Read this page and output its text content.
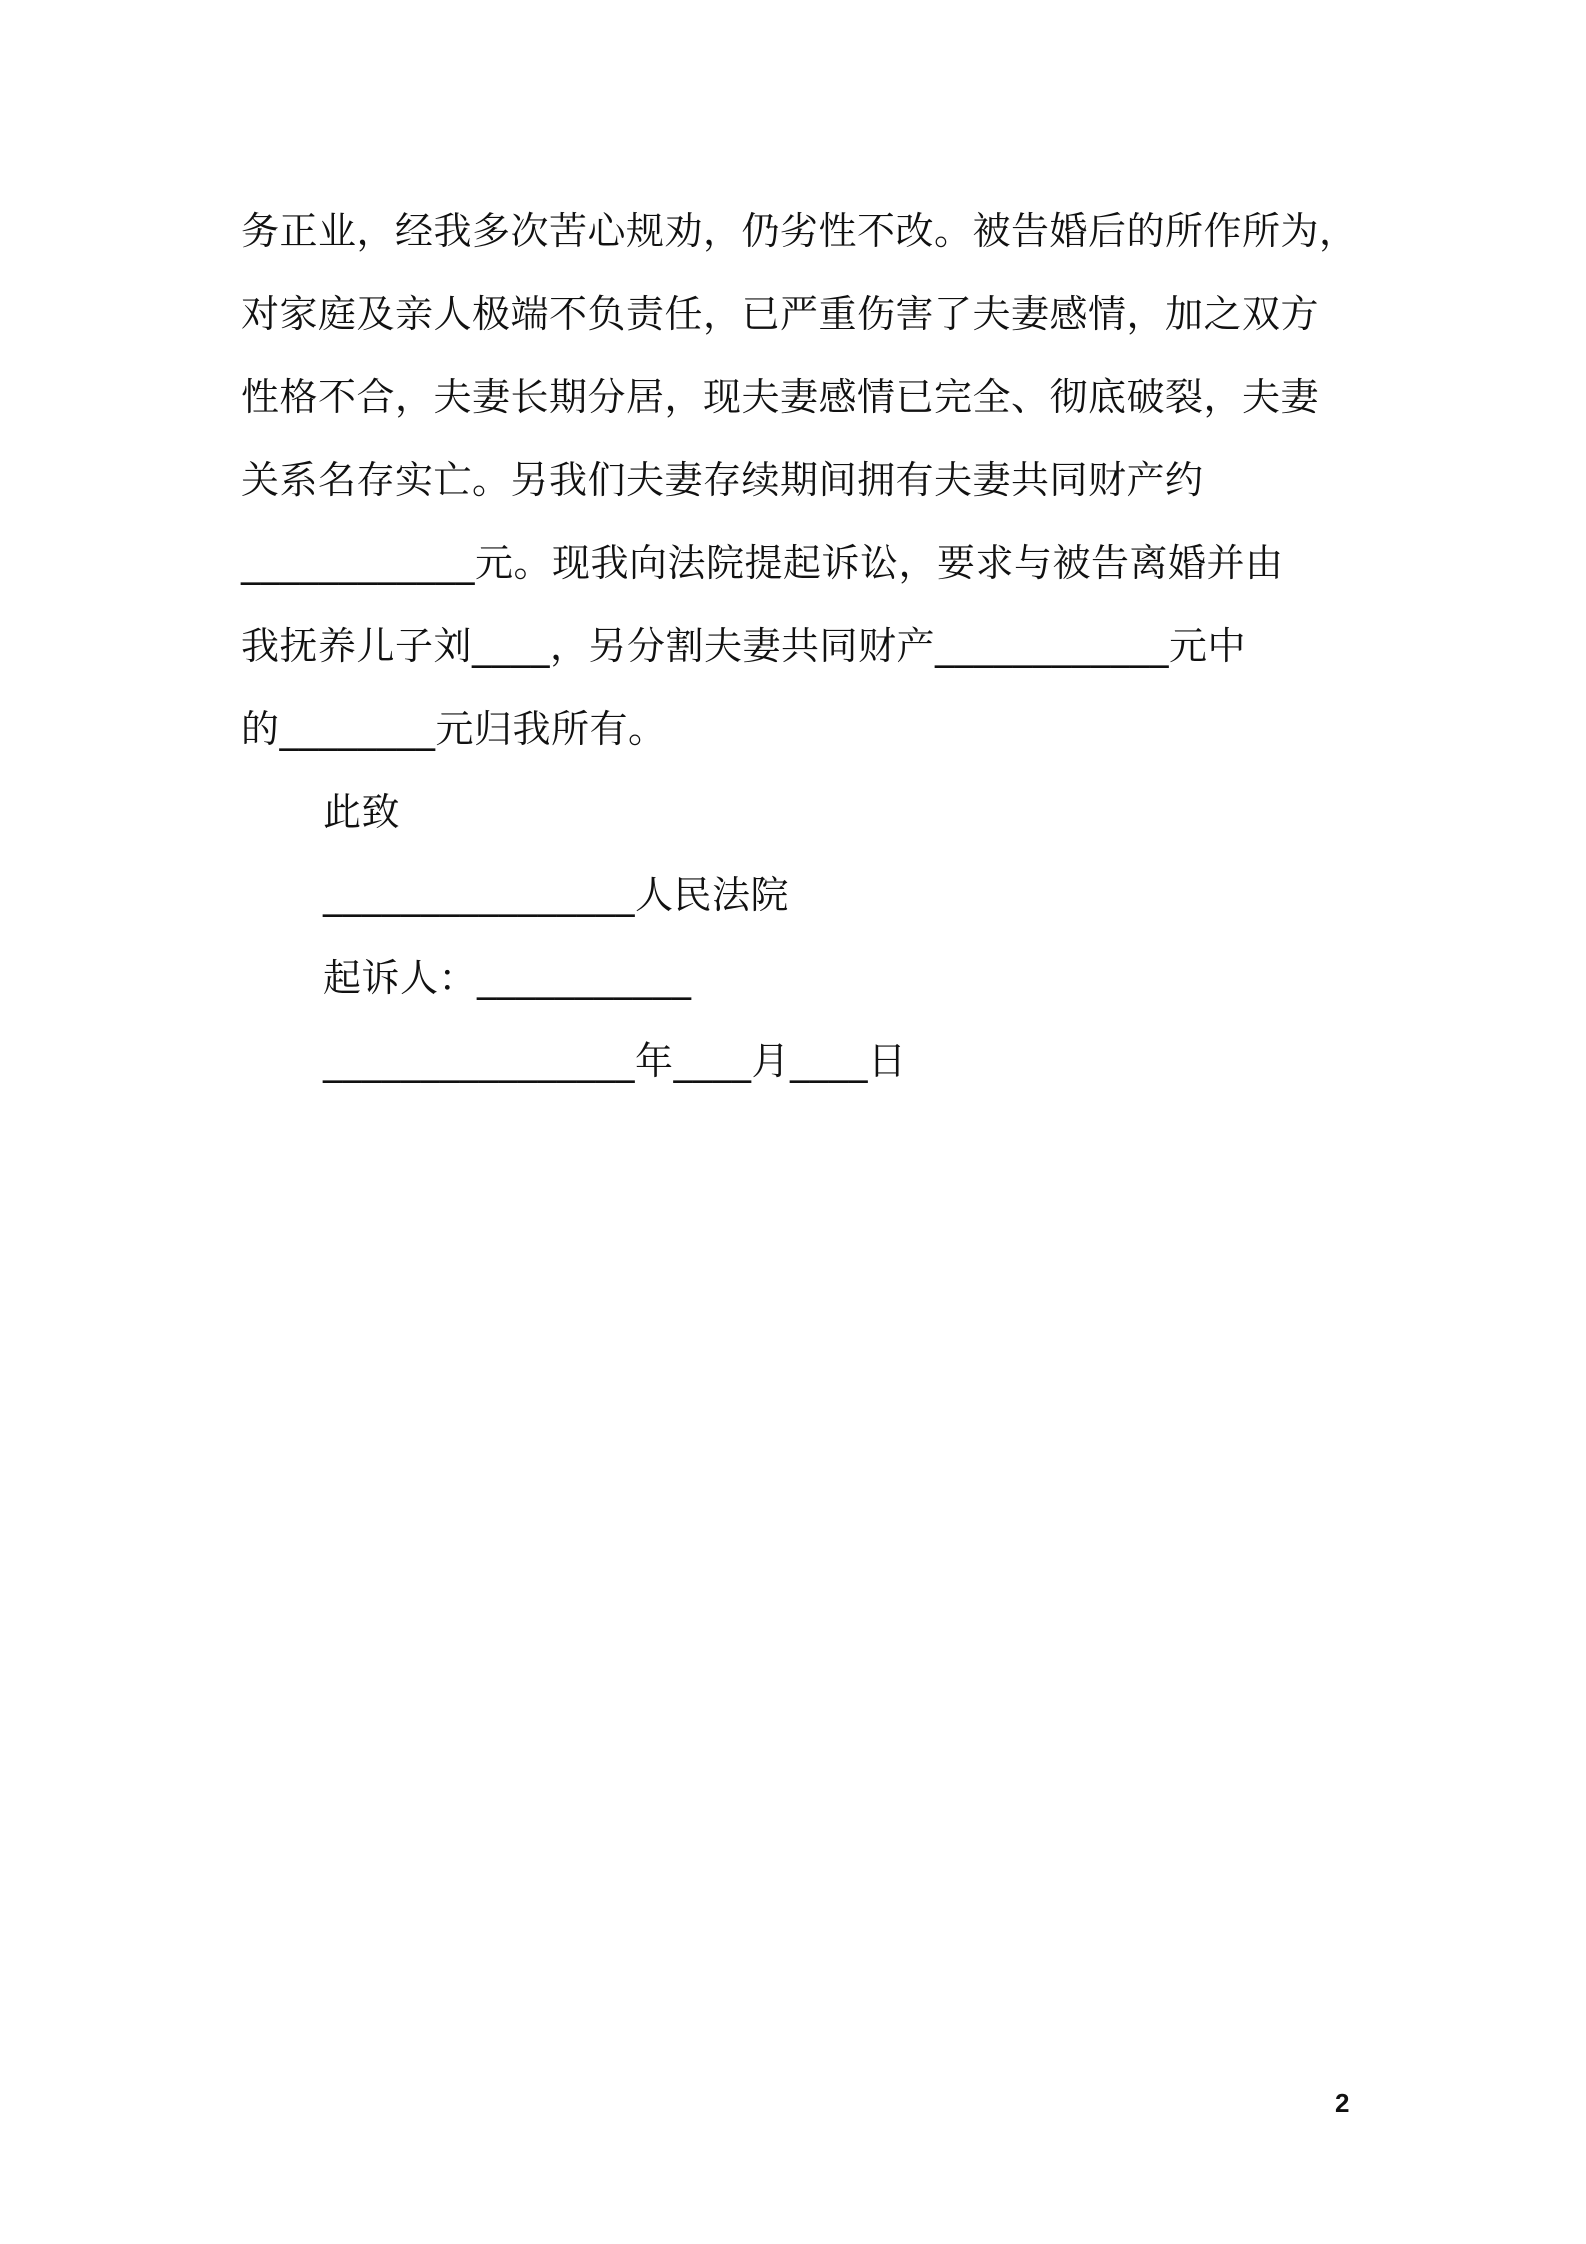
务正业，经我多次苦心规劝，仍劣性不改。被告婚后的所作所为，
对家庭及亲人极端不负责任，已严重伤害了夫妻感情，加之双方
性格不合，夫妻长期分居，现夫妻感情已完全、彻底破裂，夫妻
关系名存实亡。另我们夫妻存续期间拥有夫妻共同财产约
____________元。现我向法院提起诉讼，要求与被告离婚并由
我抚养儿子刘____，另分割夫妻共同财产____________元中
的________元归我所有。
此致
________________人民法院
起诉人：___________
________________年____月____日
2
